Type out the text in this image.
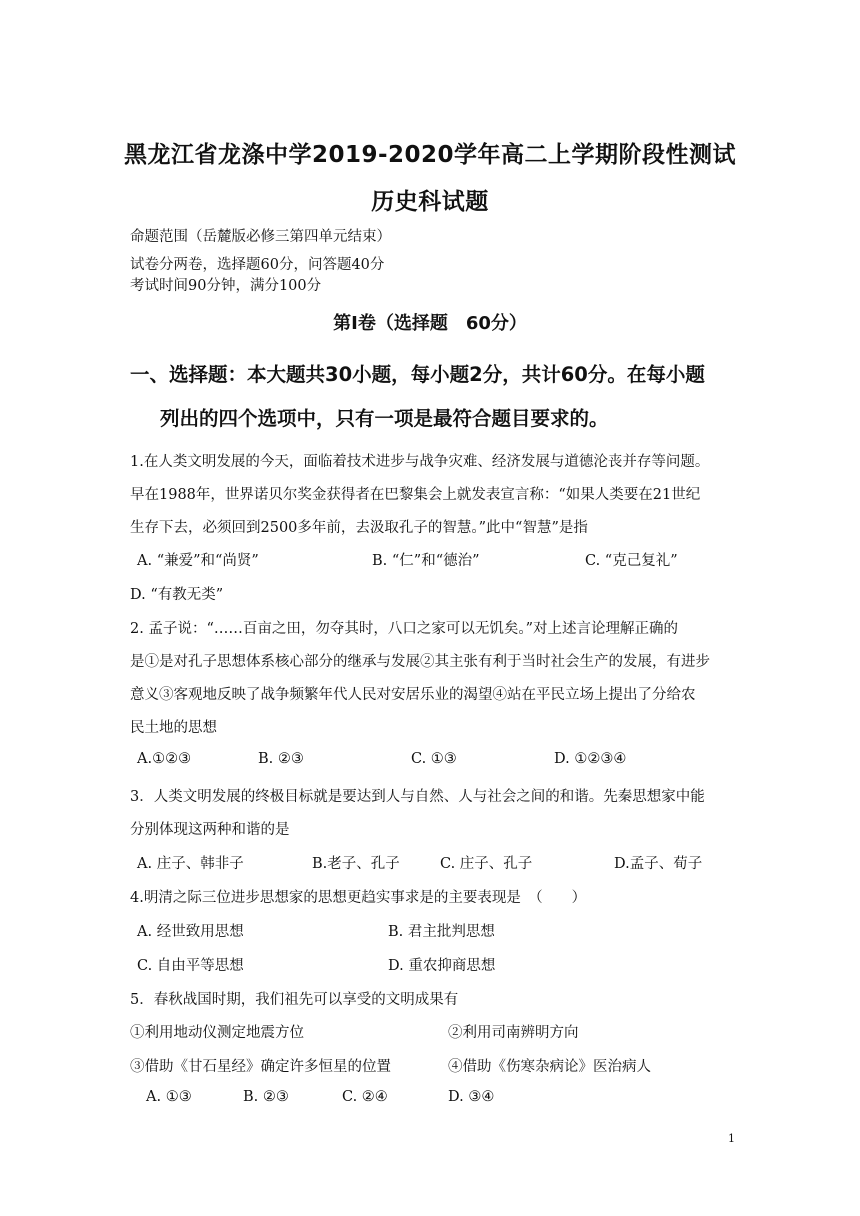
黑龙江省龙涤中学2019-2020学年高二上学期阶段性测试
历史科试题
命题范围（岳麓版必修三第四单元结束）
试卷分两卷，选择题60分，问答题40分
考试时间90分钟，满分100分
第Ⅰ卷（选择题　60分）
一、选择题：本大题共30小题，每小题2分，共计60分。在每小题
列出的四个选项中，只有一项是最符合题目要求的。
1.在人类文明发展的今天，面临着技术进步与战争灾难、经济发展与道德沦丧并存等问题。
早在1988年，世界诺贝尔奖金获得者在巴黎集会上就发表宣言称：“如果人类要在21世纪
生存下去，必须回到2500多年前，去汲取孔子的智慧。”此中“智慧”是指
A. “兼爱”和“尚贤”	B. “仁”和“德治”	C. “克己复礼”
D. “有教无类”
2. 孟子说：“……百亩之田，勿夺其时，八口之家可以无饥矣。”对上述言论理解正确的
是①是对孔子思想体系核心部分的继承与发展②其主张有利于当时社会生产的发展，有进步
意义③客观地反映了战争频繁年代人民对安居乐业的渴望④站在平民立场上提出了分给农
民土地的思想
A.①②③	B. ②③	C. ①③	D. ①②③④
3．人类文明发展的终极目标就是要达到人与自然、人与社会之间的和谐。先秦思想家中能
分别体现这两种和谐的是
A. 庄子、韩非子	B.老子、孔子	C. 庄子、孔子	D.孟子、荀子
4.明清之际三位进步思想家的思想更趋实事求是的主要表现是　（　　）
A. 经世致用思想	B. 君主批判思想
C. 自由平等思想	D. 重农抑商思想
5．春秋战国时期，我们祖先可以享受的文明成果有
①利用地动仪测定地震方位	②利用司南辨明方向
③借助《甘石星经》确定许多恒星的位置	④借助《伤寒杂病论》医治病人
A. ①③	B. ②③	C. ②④	D. ③④
1
